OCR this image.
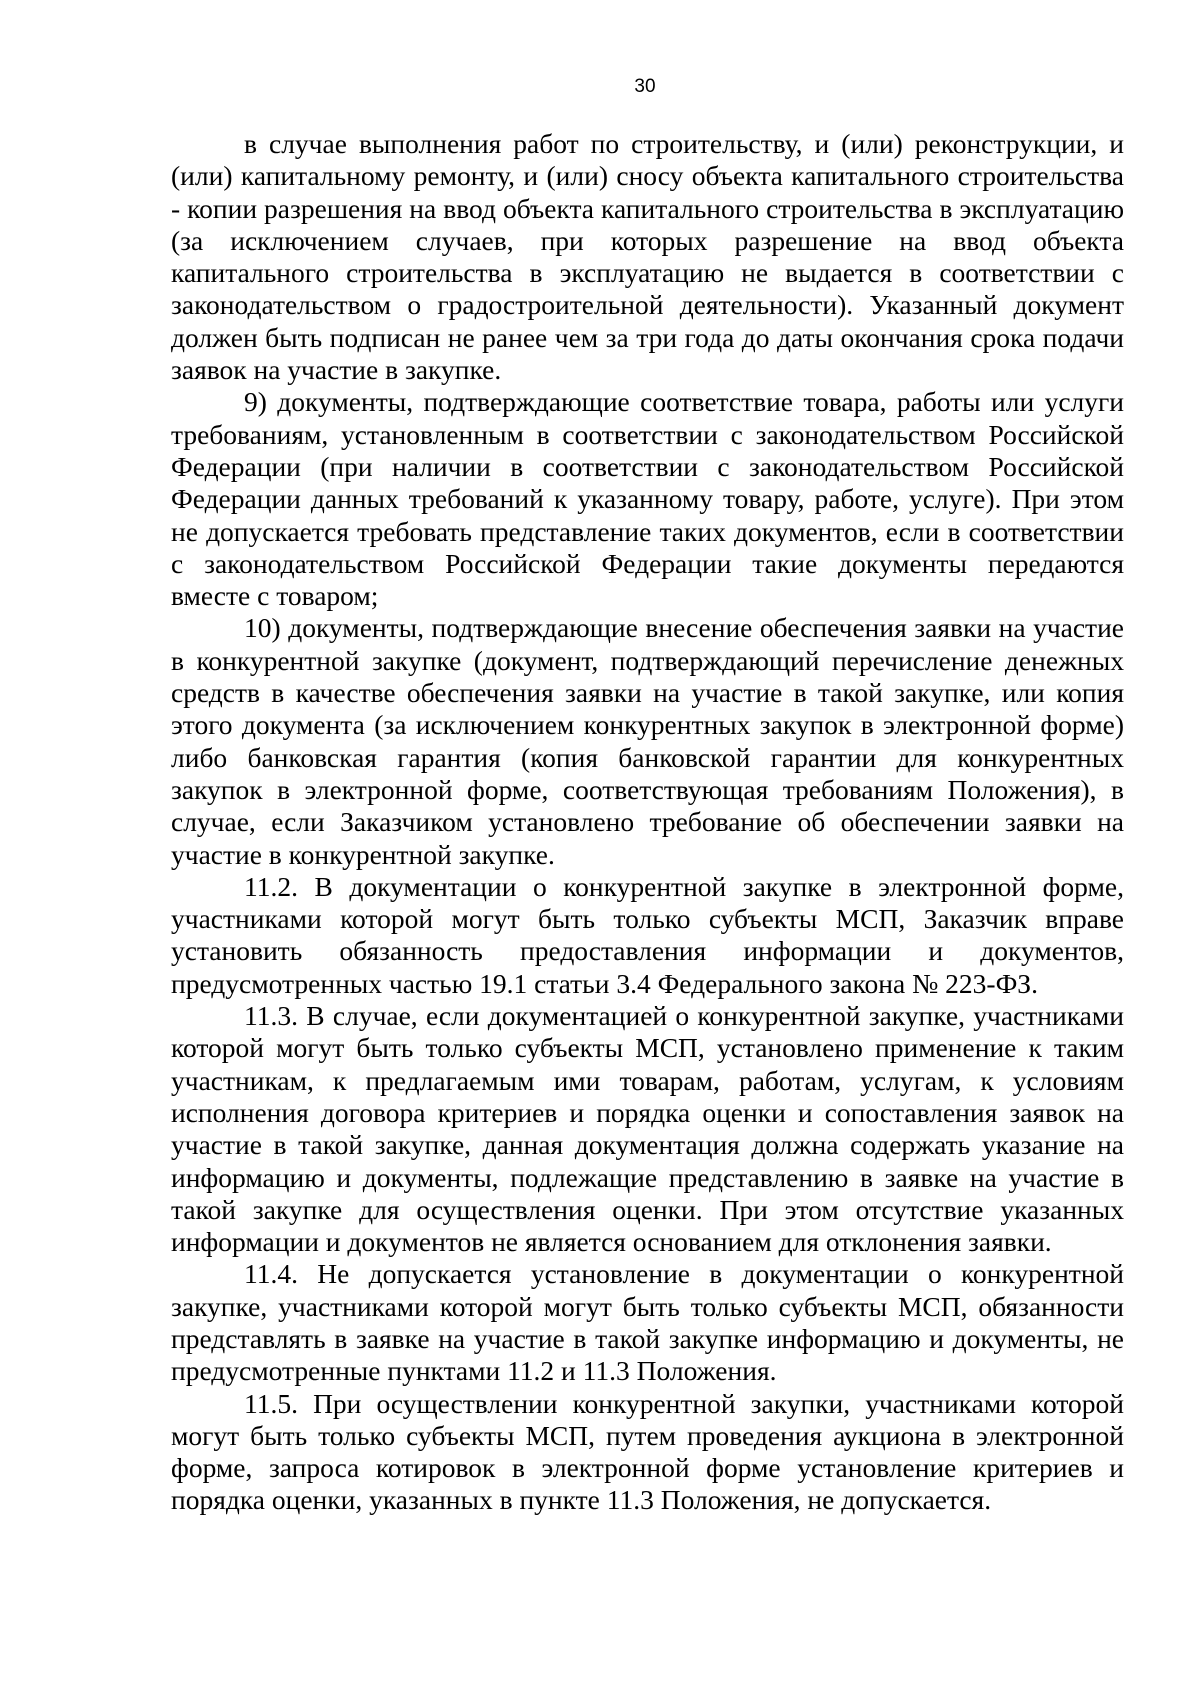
30

в случае выполнения работ по строительству, и (или) реконструкции, и (или) капитальному ремонту, и (или) сносу объекта капитального строительства - копии разрешения на ввод объекта капитального строительства в эксплуатацию (за исключением случаев, при которых разрешение на ввод объекта капитального строительства в эксплуатацию не выдается в соответствии с законодательством о градостроительной деятельности). Указанный документ должен быть подписан не ранее чем за три года до даты окончания срока подачи заявок на участие в закупке.

9) документы, подтверждающие соответствие товара, работы или услуги требованиям, установленным в соответствии с законодательством Российской Федерации (при наличии в соответствии с законодательством Российской Федерации данных требований к указанному товару, работе, услуге). При этом не допускается требовать представление таких документов, если в соответствии с законодательством Российской Федерации такие документы передаются вместе с товаром;

10) документы, подтверждающие внесение обеспечения заявки на участие в конкурентной закупке (документ, подтверждающий перечисление денежных средств в качестве обеспечения заявки на участие в такой закупке, или копия этого документа (за исключением конкурентных закупок в электронной форме) либо банковская гарантия (копия банковской гарантии для конкурентных закупок в электронной форме, соответствующая требованиям Положения), в случае, если Заказчиком установлено требование об обеспечении заявки на участие в конкурентной закупке.

11.2. В документации о конкурентной закупке в электронной форме, участниками которой могут быть только субъекты МСП, Заказчик вправе установить обязанность предоставления информации и документов, предусмотренных частью 19.1 статьи 3.4 Федерального закона № 223-ФЗ.

11.3. В случае, если документацией о конкурентной закупке, участниками которой могут быть только субъекты МСП, установлено применение к таким участникам, к предлагаемым ими товарам, работам, услугам, к условиям исполнения договора критериев и порядка оценки и сопоставления заявок на участие в такой закупке, данная документация должна содержать указание на информацию и документы, подлежащие представлению в заявке на участие в такой закупке для осуществления оценки. При этом отсутствие указанных информации и документов не является основанием для отклонения заявки.

11.4. Не допускается установление в документации о конкурентной закупке, участниками которой могут быть только субъекты МСП, обязанности представлять в заявке на участие в такой закупке информацию и документы, не предусмотренные пунктами 11.2 и 11.3 Положения.

11.5. При осуществлении конкурентной закупки, участниками которой могут быть только субъекты МСП, путем проведения аукциона в электронной форме, запроса котировок в электронной форме установление критериев и порядка оценки, указанных в пункте 11.3 Положения, не допускается.
